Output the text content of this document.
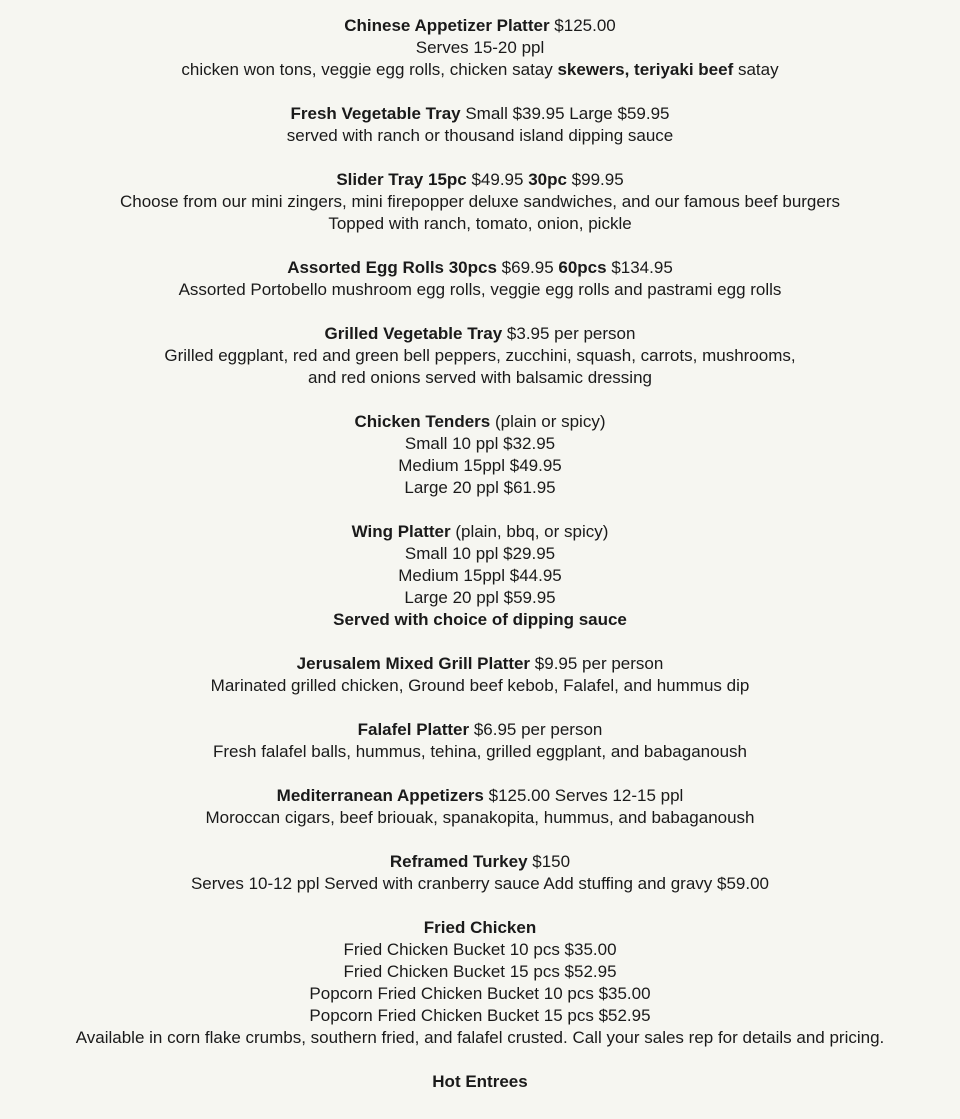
Chinese Appetizer Platter $125.00
Serves 15-20 ppl
chicken won tons, veggie egg rolls, chicken satay skewers, teriyaki beef satay
Fresh Vegetable Tray Small $39.95 Large $59.95
served with ranch or thousand island dipping sauce
Slider Tray 15pc $49.95 30pc $99.95
Choose from our mini zingers, mini firepopper deluxe sandwiches, and our famous beef burgers
Topped with ranch, tomato, onion, pickle
Assorted Egg Rolls 30pcs $69.95 60pcs $134.95
Assorted Portobello mushroom egg rolls, veggie egg rolls and pastrami egg rolls
Grilled Vegetable Tray $3.95 per person
Grilled eggplant, red and green bell peppers, zucchini, squash, carrots, mushrooms,
and red onions served with balsamic dressing
Chicken Tenders (plain or spicy)
Small 10 ppl $32.95
Medium 15ppl $49.95
Large 20 ppl $61.95
Wing Platter (plain, bbq, or spicy)
Small 10 ppl $29.95
Medium 15ppl $44.95
Large 20 ppl $59.95
Served with choice of dipping sauce
Jerusalem Mixed Grill Platter $9.95 per person
Marinated grilled chicken, Ground beef kebob, Falafel, and hummus dip
Falafel Platter $6.95 per person
Fresh falafel balls, hummus, tehina, grilled eggplant, and babaganoush
Mediterranean Appetizers $125.00 Serves 12-15 ppl
Moroccan cigars, beef briouak, spanakopita, hummus, and babaganoush
Reframed Turkey $150
Serves 10-12 ppl Served with cranberry sauce Add stuffing and gravy $59.00
Fried Chicken
Fried Chicken Bucket 10 pcs $35.00
Fried Chicken Bucket 15 pcs $52.95
Popcorn Fried Chicken Bucket 10 pcs $35.00
Popcorn Fried Chicken Bucket 15 pcs $52.95
Available in corn flake crumbs, southern fried, and falafel crusted. Call your sales rep for details and pricing.
Hot Entrees
